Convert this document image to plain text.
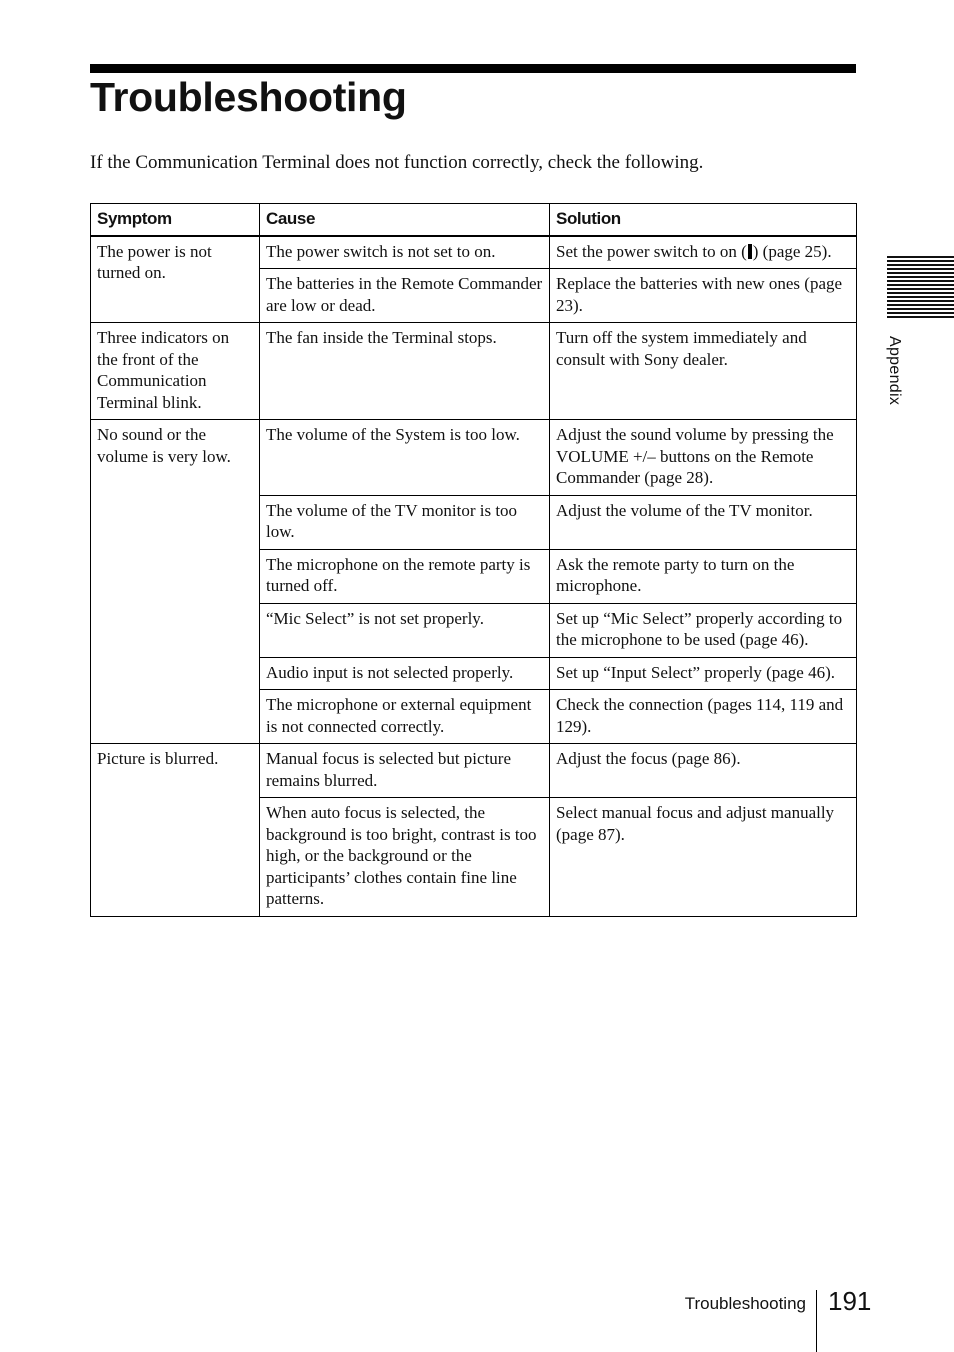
Troubleshooting

If the Communication Terminal does not function correctly, check the following.

Symptom	Cause	Solution
The power is not turned on.	The power switch is not set to on.	Set the power switch to on ( ) (page 25).
	The batteries in the Remote Commander are low or dead.	Replace the batteries with new ones (page 23).
Three indicators on the front of the Communication Terminal blink.	The fan inside the Terminal stops.	Turn off the system immediately and consult with Sony dealer.
No sound or the volume is very low.	The volume of the System is too low.	Adjust the sound volume by pressing the VOLUME +/– buttons on the Remote Commander (page 28).
	The volume of the TV monitor is too low.	Adjust the volume of the TV monitor.
	The microphone on the remote party is turned off.	Ask the remote party to turn on the microphone.
	“Mic Select” is not set properly.	Set up “Mic Select” properly according to the microphone to be used (page 46).
	Audio input is not selected properly.	Set up “Input Select” properly (page 46).
	The microphone or external equipment is not connected correctly.	Check the connection (pages 114, 119 and 129).
Picture is blurred.	Manual focus is selected but picture remains blurred.	Adjust the focus (page 86).
	When auto focus is selected, the background is too bright, contrast is too high, or the background or the participants’ clothes contain fine line patterns.	Select manual focus and adjust manually (page 87).
Appendix
Troubleshooting 191
